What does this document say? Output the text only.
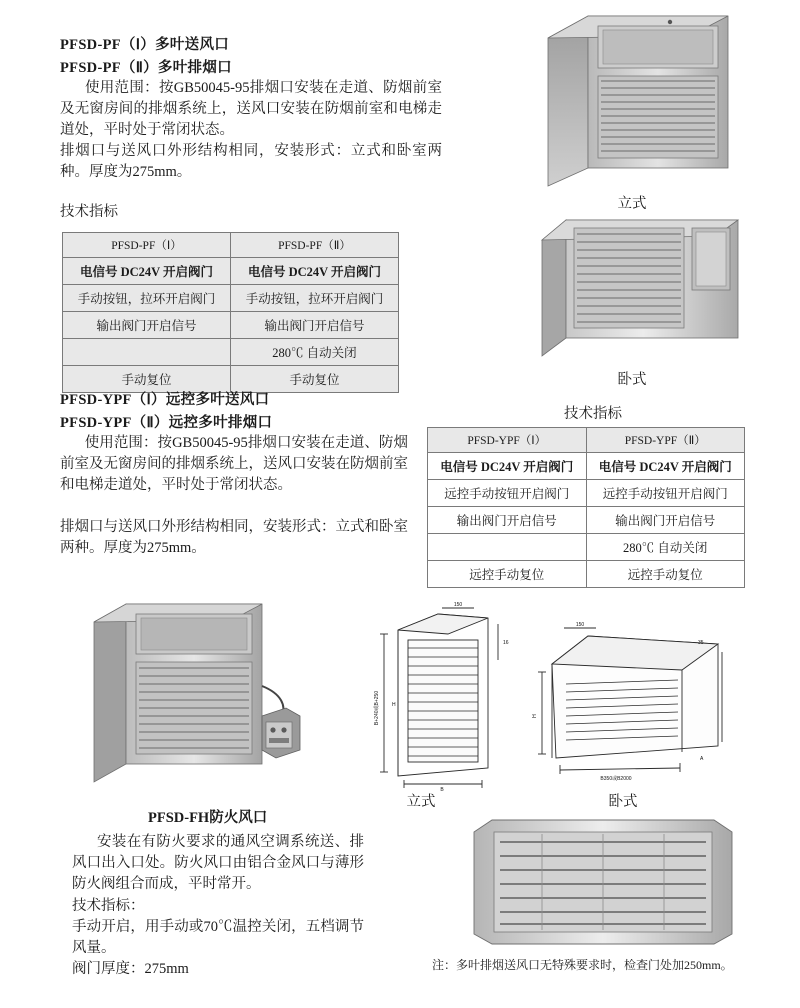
PFSD-PF（Ⅰ）多叶送风口
PFSD-PF（Ⅱ）多叶排烟口
使用范围：按GB50045-95排烟口安装在走道、防烟前室及无窗房间的排烟系统上，送风口安装在防烟前室和电梯走道处，平时处于常闭状态。
排烟口与送风口外形结构相同，安装形式：立式和卧室两种。厚度为275mm。
技术指标
PFSD-PF（Ⅰ）	PFSD-PF（Ⅱ）
电信号 DC24V 开启阀门	电信号 DC24V 开启阀门
手动按钮，拉环开启阀门	手动按钮，拉环开启阀门
输出阀门开启信号	输出阀门开启信号
	280℃ 自动关闭
手动复位	手动复位
立式
卧式
PFSD-YPF（Ⅰ）远控多叶送风口
PFSD-YPF（Ⅱ）远控多叶排烟口
使用范围：按GB50045-95排烟口安装在走道、防烟前室及无窗房间的排烟系统上，送风口安装在防烟前室和电梯走道处，平时处于常闭状态。
排烟口与送风口外形结构相同，安装形式：立式和卧室两种。厚度为275mm。
技术指标
PFSD-YPF（Ⅰ）	PFSD-YPF（Ⅱ）
电信号 DC24V 开启阀门	电信号 DC24V 开启阀门
远控手动按钮开启阀门	远控手动按钮开启阀门
输出阀门开启信号	输出阀门开启信号
	280℃ 自动关闭
远控手动复位	远控手动复位
PFSD-FH防火风口
安装在有防火要求的通风空调系统送、排风口出入口处。防火风口由铝合金风口与薄形防火阀组合而成，平时常开。
技术指标：
手动开启，用手动或70℃温控关闭，五档调节风量。
阀门厚度：275mm
B+240或B+250
150
16
B
H
立式
150
H
B350或B2000
A
35
卧式
注：多叶排烟送风口无特殊要求时，检查门处加250mm。
